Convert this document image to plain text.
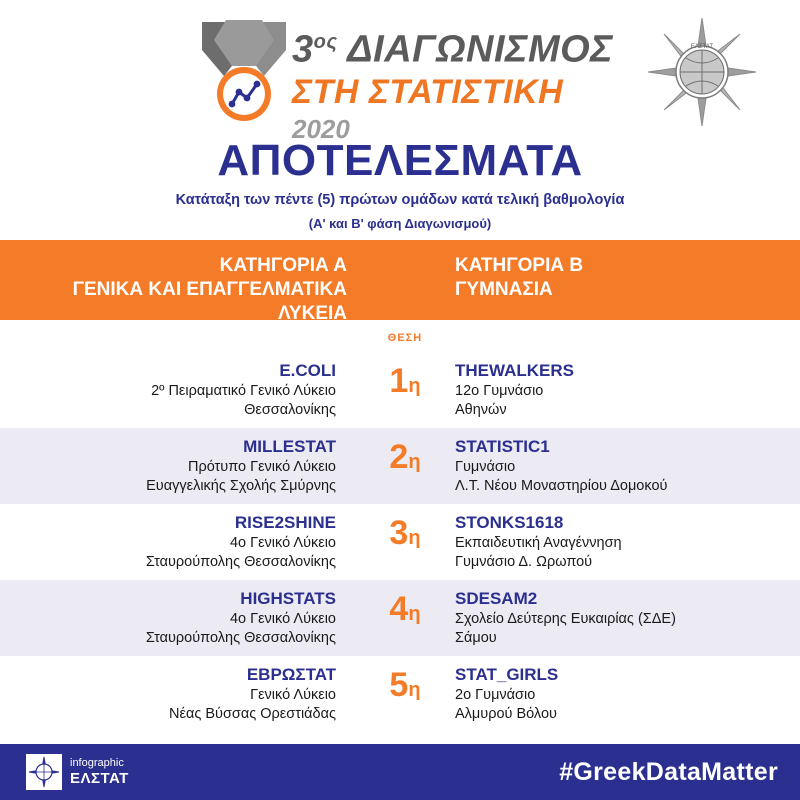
$3^{o\varsigma}$ ΔΙΑΓΩΝΙΣΜΟΣ
ΣΤΗ ΣΤΑΤΙΣΤΙΚΗ
2020
ΕΛΣΤΑΤ
ΑΠΟΤΕΛΕΣΜΑΤΑ
Κατάταξη των πέντε (5) πρώτων ομάδων κατά τελική βαθμολογία
(Α' και Β' φάση Διαγωνισμού)
ΚΑΤΗΓΟΡΙΑ Α
ΓΕΝΙΚΑ ΚΑΙ ΕΠΑΓΓΕΛΜΑΤΙΚΑ
ΛΥΚΕΙΑ
ΚΑΤΗΓΟΡΙΑ Β
ΓΥΜΝΑΣΙΑ
ΘΕΣΗ
E.COLI
2º Πειραματικό Γενικό Λύκειο
Θεσσαλονίκης
1η
THEWALKERS
12ο Γυμνάσιο
Αθηνών
MILLESTAT
Πρότυπο Γενικό Λύκειο
Ευαγγελικής Σχολής Σμύρνης
2η
STATISTIC1
Γυμνάσιο
Λ.Τ. Νέου Μοναστηρίου Δομοκού
RISE2SHINE
4ο Γενικό Λύκειο
Σταυρούπολης Θεσσαλονίκης
3η
STONKS1618
Εκπαιδευτική Αναγέννηση
Γυμνάσιο Δ. Ωρωπού
HIGHSTATS
4ο Γενικό Λύκειο
Σταυρούπολης Θεσσαλονίκης
4η
SDESAM2
Σχολείο Δεύτερης Ευκαιρίας (ΣΔΕ)
Σάμου
ΕΒΡΩΣΤΑΤ
Γενικό Λύκειο
Νέας Βύσσας Ορεστιάδας
5η
STAT_GIRLS
2ο Γυμνάσιο
Αλμυρού Βόλου
infographic
ΕΛΣΤΑΤ	#GreekDataMatter
